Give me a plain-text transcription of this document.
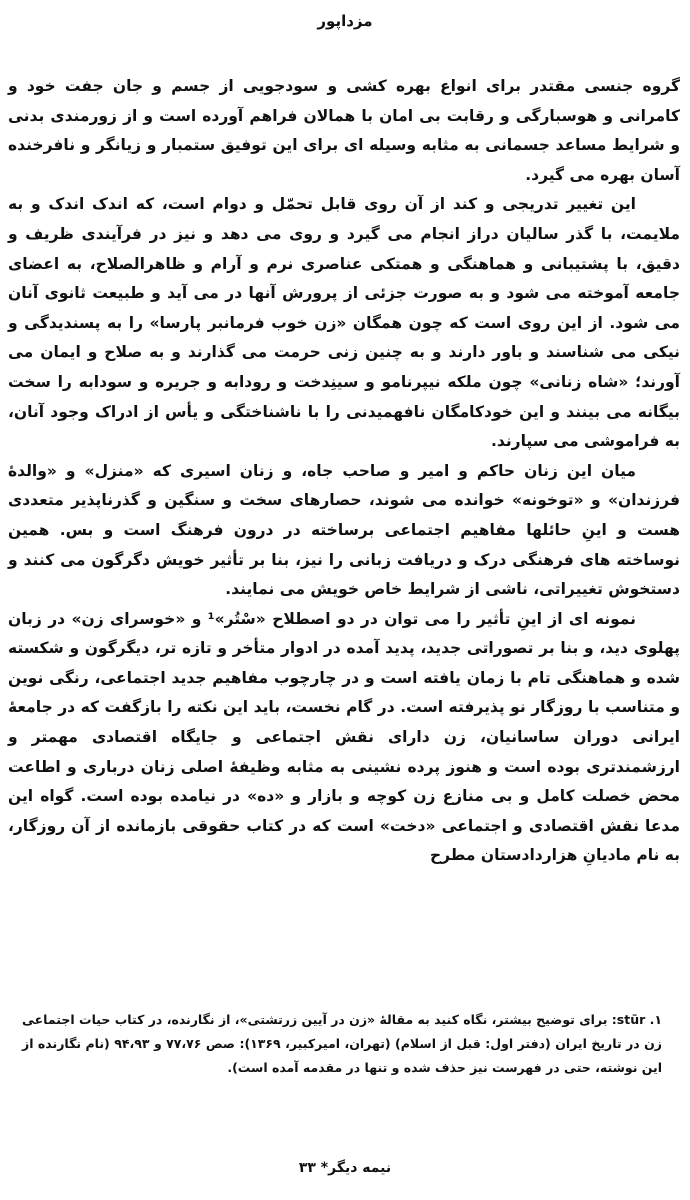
مزداپور

گروه جنسی مقتدر برای انواع بهره کشی و سودجویی از جسم و جان جفت خود و کامرانی و هوسبارگی و رقابت بی امان با همالان فراهم آورده است و از زورمندی بدنی و شرایط مساعد جسمانی به مثابه وسیله ای برای این توفیق ستمبار و زیانگر و نافرخنده آسان بهره می گیرد.

این تغییر تدریجی و کند از آن روی قابل تحمّل و دوام است، که اندک اندک و به ملایمت، با گذر سالیان دراز انجام می گیرد و روی می دهد و نیز در فرآیندی ظریف و دقیق، با پشتیبانی و هماهنگی و همتکی عناصری نرم و آرام و ظاهرالصلاح، به اعضای جامعه آموخته می شود و به صورت جزئی از پرورش آنها در می آید و طبیعت ثانوی آنان می شود. از این روی است که چون همگان «زن خوب فرمانبر پارسا» را به پسندیدگی و نیکی می شناسند و باور دارند و به چنین زنی حرمت می گذارند و به صلاح و ایمان می آورند؛ «شاه زنانی» چون ملکه نیپرنامو و سینِدخت و رودابه و جریره و سودابه را سخت بیگانه می بینند و این خودکامگان نافهمیدنی را با ناشناختگی و یأس از ادراک وجود آنان، به فراموشی می سپارند.

میان این زنان حاکم و امیر و صاحب جاه، و زنان اسیری که «منزل» و «والدهٔ فرزندان» و «توخونه» خوانده می شوند، حصارهای سخت و سنگین و گذرناپذیر متعددی هست و اینِ حائلها مفاهیم اجتماعی برساخته در درون فرهنگ است و بس. همین نوساخته های فرهنگی درک و دریافت زبانی را نیز، بنا بر تأثیر خویش دگرگون می کنند و دستخوش تغییراتی، ناشی از شرایط خاص خویش می نمایند.

نمونه ای از اینِ تأثیر را می توان در دو اصطلاح «سْتُر»¹ و «خوسرای زن» در زبان پهلوی دید، و بنا بر تصوراتی جدید، پدید آمده در ادوار متأخر و تازه تر، دیگرگون و شکسته شده و هماهنگی تام با زمان یافته است و در چارچوب مفاهیم جدید اجتماعی، رنگی نوین و متناسب با روزگار نو پذیرفته است. در گام نخست، باید این نکته را بازگفت که در جامعهٔ ایرانی دوران ساسانیان، زن دارای نقش اجتماعی و جایگاه اقتصادی مهمتر و ارزشمندتری بوده است و هنوز پرده نشینی به مثابه وظیفهٔ اصلی زنان درباری و اطاعت محض خصلت کامل و بی منازع زن کوچه و بازار و «ده» در نیامده بوده است. گواه این مدعا نقش اقتصادی و اجتماعی «دخت» است که در کتاب حقوقی بازمانده از آن روزگار، به نام مادیانِ هزاردادستان مطرح

stūr .۱: برای توضیح بیشتر، نگاه کنید به مقالهٔ «زن در آیین زرتشتی»، از نگارنده، در کتاب حیات اجتماعی زن در تاریخ ایران (دفتر اول: قبل از اسلام) (تهران، امیرکبیر، ۱۳۶۹): صص ۷۷،۷۶ و ۹۴،۹۳ (نام نگارنده از این نوشته، حتی در فهرست نیز حذف شده و تنها در مقدمه آمده است).

نیمه دیگر* ۳۳
